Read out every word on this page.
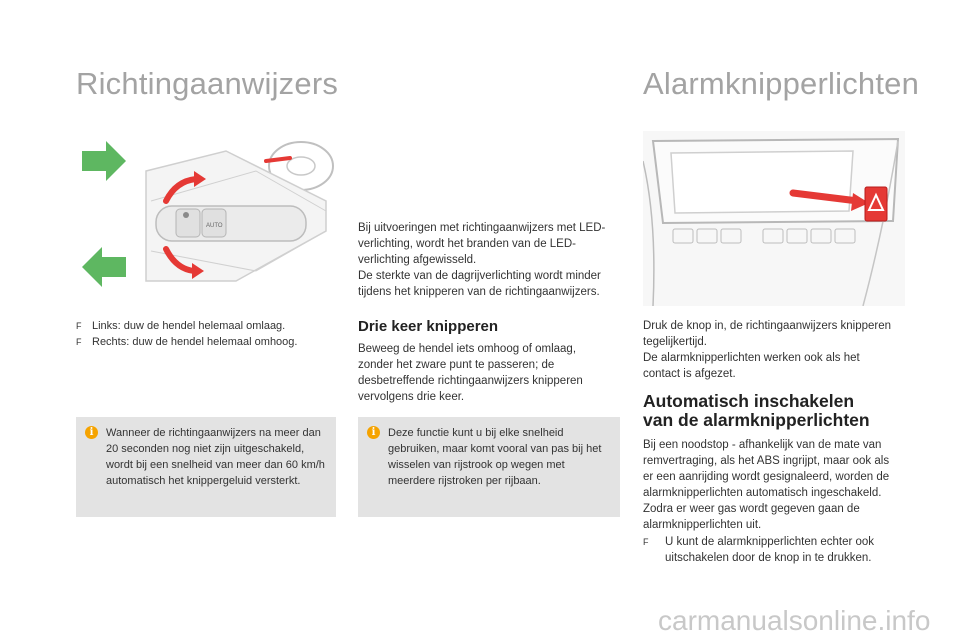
Richtingaanwijzers
AUTO
F Links: duw de hendel helemaal omlaag.
F Rechts: duw de hendel helemaal omhoog.
i	Wanneer de richtingaanwijzers na meer dan 20 seconden nog niet zijn uitgeschakeld, wordt bij een snelheid van meer dan 60 km/h automatisch het knippergeluid versterkt.
Bij uitvoeringen met richtingaanwijzers met LED-verlichting, wordt het branden van de LED-verlichting afgewisseld.
De sterkte van de dagrijverlichting wordt minder tijdens het knipperen van de richtingaanwijzers.
Drie keer knipperen
Beweeg de hendel iets omhoog of omlaag, zonder het zware punt te passeren; de desbetreffende richtingaanwijzers knipperen vervolgens drie keer.
i	Deze functie kunt u bij elke snelheid gebruiken, maar komt vooral van pas bij het wisselen van rijstrook op wegen met meerdere rijstroken per rijbaan.
Alarmknipperlichten
Druk de knop in, de richtingaanwijzers knipperen tegelijkertijd.
De alarmknipperlichten werken ook als het contact is afgezet.
Automatisch inschakelen
van de alarmknipperlichten
Bij een noodstop - afhankelijk van de mate van remvertraging, als het ABS ingrijpt, maar ook als er een aanrijding wordt gesignaleerd, worden de alarmknipperlichten automatisch ingeschakeld. Zodra er weer gas wordt gegeven gaan de alarmknipperlichten uit.
F	U kunt de alarmknipperlichten echter ook uitschakelen door de knop in te drukken.
carmanualsonline.info
